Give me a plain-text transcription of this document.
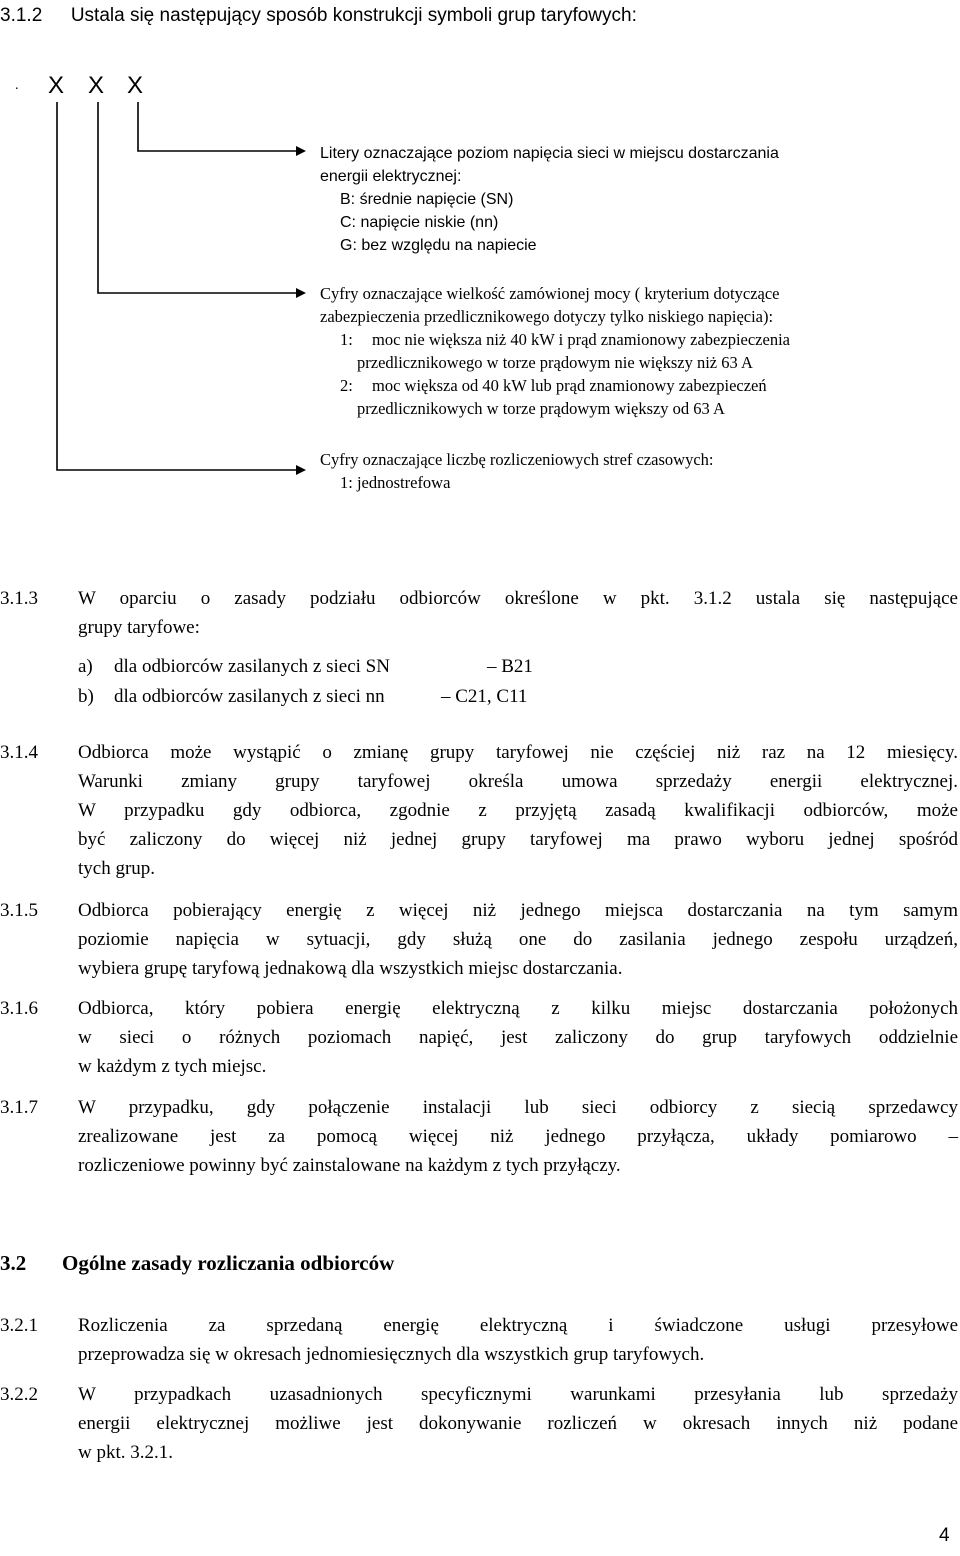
3.1.2 Ustala się następujący sposób konstrukcji symboli grup taryfowych:
. X X X
Litery oznaczające poziom napięcia sieci w miejscu dostarczania
energii elektrycznej:
B: średnie napięcie (SN)
C: napięcie niskie (nn)
G: bez względu na napiecie
Cyfry oznaczające wielkość zamówionej mocy ( kryterium dotyczące
zabezpieczenia przedlicznikowego dotyczy tylko niskiego napięcia):
1: moc nie większa niż 40 kW i prąd znamionowy zabezpieczenia
przedlicznikowego w torze prądowym nie większy niż 63 A
2: moc większa od 40 kW lub prąd znamionowy zabezpieczeń
przedlicznikowych w torze prądowym większy od 63 A
Cyfry oznaczające liczbę rozliczeniowych stref czasowych:
1: jednostrefowa
3.1.3 W oparciu o zasady podziału odbiorców określone w pkt. 3.1.2 ustala się następujące
grupy taryfowe:
a) dla odbiorców zasilanych z sieci SN	– B21
b) dla odbiorców zasilanych z sieci nn	– C21, C11
3.1.4 Odbiorca może wystąpić o zmianę grupy taryfowej nie częściej niż raz na 12 miesięcy.
Warunki zmiany grupy taryfowej określa umowa sprzedaży energii elektrycznej.
W przypadku gdy odbiorca, zgodnie z przyjętą zasadą kwalifikacji odbiorców, może
być zaliczony do więcej niż jednej grupy taryfowej ma prawo wyboru jednej spośród
tych grup.
3.1.5 Odbiorca pobierający energię z więcej niż jednego miejsca dostarczania na tym samym
poziomie napięcia w sytuacji, gdy służą one do zasilania jednego zespołu urządzeń,
wybiera grupę taryfową jednakową dla wszystkich miejsc dostarczania.
3.1.6 Odbiorca, który pobiera energię elektryczną z kilku miejsc dostarczania położonych
w sieci o różnych poziomach napięć, jest zaliczony do grup taryfowych oddzielnie
w każdym z tych miejsc.
3.1.7 W przypadku, gdy połączenie instalacji lub sieci odbiorcy z siecią sprzedawcy
zrealizowane jest za pomocą więcej niż jednego przyłącza, układy pomiarowo –
rozliczeniowe powinny być zainstalowane na każdym z tych przyłączy.
3.2 Ogólne zasady rozliczania odbiorców
3.2.1 Rozliczenia za sprzedaną energię elektryczną i świadczone usługi przesyłowe
przeprowadza się w okresach jednomiesięcznych dla wszystkich grup taryfowych.
3.2.2 W przypadkach uzasadnionych specyficznymi warunkami przesyłania lub sprzedaży
energii elektrycznej możliwe jest dokonywanie rozliczeń w okresach innych niż podane
w pkt. 3.2.1.
4
